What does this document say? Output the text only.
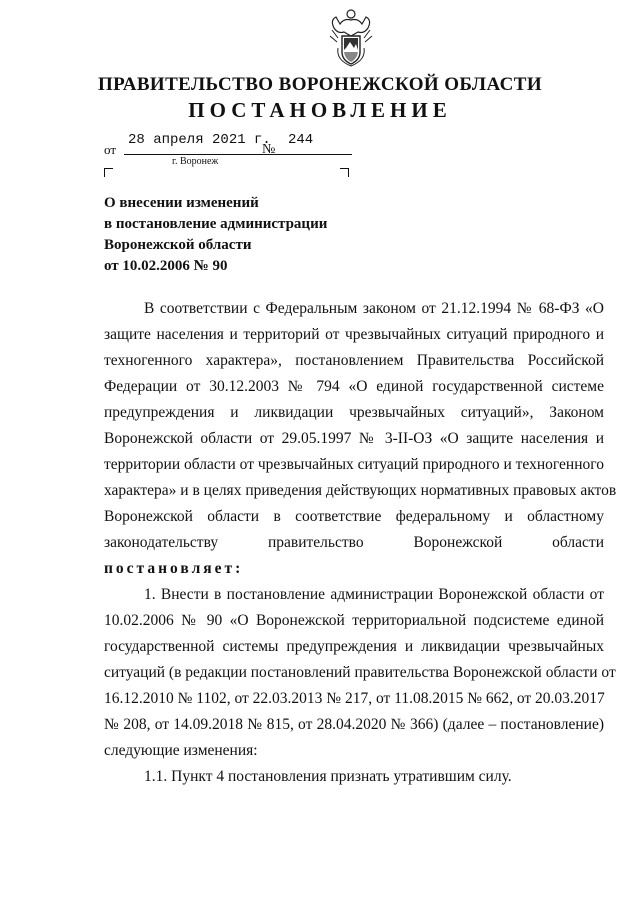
ПРАВИТЕЛЬСТВО ВОРОНЕЖСКОЙ ОБЛАСТИ
ПОСТАНОВЛЕНИЕ
от
28 апреля 2021 г.
№
244
г. Воронеж
О внесении изменений
в постановление администрации
Воронежской области
от 10.02.2006 № 90
В соответствии с Федеральным законом от 21.12.1994 № 68-ФЗ «О
защите населения и территорий от чрезвычайных ситуаций природного и
техногенного характера», постановлением Правительства Российской
Федерации от 30.12.2003 № 794 «О единой государственной системе
предупреждения и ликвидации чрезвычайных ситуаций», Законом
Воронежской области от 29.05.1997 № 3-II-ОЗ «О защите населения и
территории области от чрезвычайных ситуаций природного и техногенного
характера» и в целях приведения действующих нормативных правовых актов
Воронежской области в соответствие федеральному и областному
законодательству правительство Воронежской области
постановляет:
1. Внести в постановление администрации Воронежской области от
10.02.2006 № 90 «О Воронежской территориальной подсистеме единой
государственной системы предупреждения и ликвидации чрезвычайных
ситуаций (в редакции постановлений правительства Воронежской области от
16.12.2010 № 1102, от 22.03.2013 № 217, от 11.08.2015 № 662, от 20.03.2017
№ 208, от 14.09.2018 № 815, от 28.04.2020 № 366) (далее – постановление)
следующие изменения:
1.1. Пункт 4 постановления признать утратившим силу.
